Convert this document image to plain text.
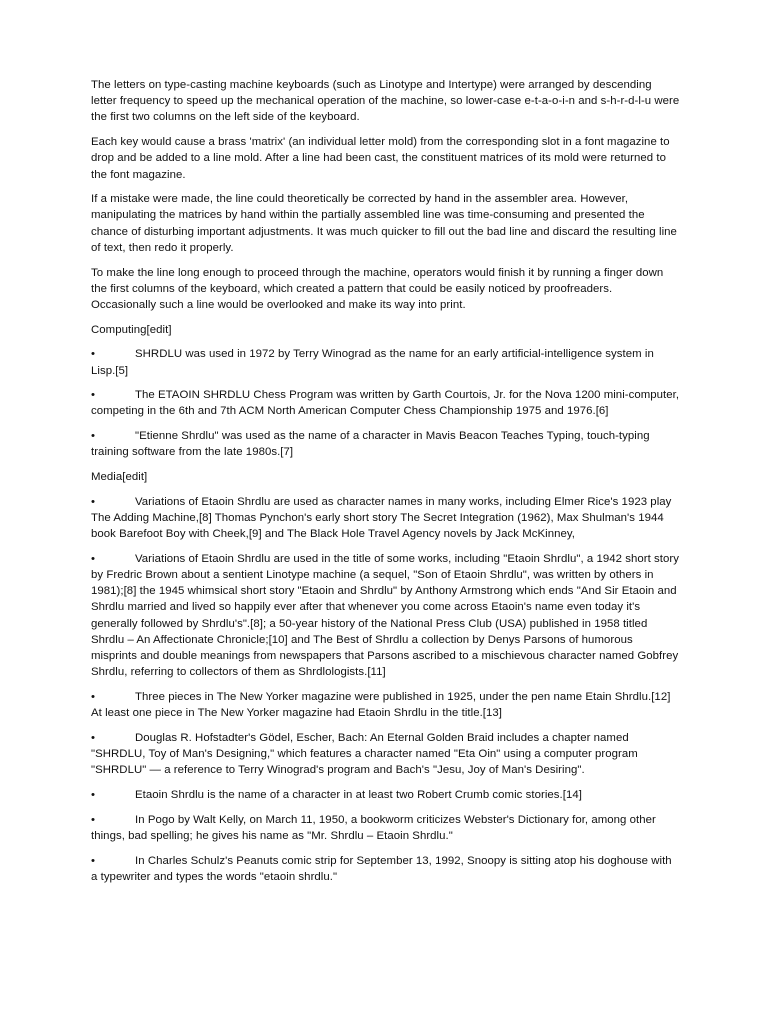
The letters on type-casting machine keyboards (such as Linotype and Intertype) were arranged by descending letter frequency to speed up the mechanical operation of the machine, so lower-case e-t-a-o-i-n and s-h-r-d-l-u were the first two columns on the left side of the keyboard.

Each key would cause a brass 'matrix' (an individual letter mold) from the corresponding slot in a font magazine to drop and be added to a line mold. After a line had been cast, the constituent matrices of its mold were returned to the font magazine.

If a mistake were made, the line could theoretically be corrected by hand in the assembler area. However, manipulating the matrices by hand within the partially assembled line was time-consuming and presented the chance of disturbing important adjustments. It was much quicker to fill out the bad line and discard the resulting line of text, then redo it properly.

To make the line long enough to proceed through the machine, operators would finish it by running a finger down the first columns of the keyboard, which created a pattern that could be easily noticed by proofreaders. Occasionally such a line would be overlooked and make its way into print.

Computing[edit]

•	SHRDLU was used in 1972 by Terry Winograd as the name for an early artificial-intelligence system in Lisp.[5]

•	The ETAOIN SHRDLU Chess Program was written by Garth Courtois, Jr. for the Nova 1200 mini-computer, competing in the 6th and 7th ACM North American Computer Chess Championship 1975 and 1976.[6]

•	"Etienne Shrdlu" was used as the name of a character in Mavis Beacon Teaches Typing, touch-typing training software from the late 1980s.[7]

Media[edit]

•	Variations of Etaoin Shrdlu are used as character names in many works, including Elmer Rice's 1923 play The Adding Machine,[8] Thomas Pynchon's early short story The Secret Integration (1962), Max Shulman's 1944 book Barefoot Boy with Cheek,[9] and The Black Hole Travel Agency novels by Jack McKinney,

•	Variations of Etaoin Shrdlu are used in the title of some works, including "Etaoin Shrdlu", a 1942 short story by Fredric Brown about a sentient Linotype machine (a sequel, "Son of Etaoin Shrdlu", was written by others in 1981);[8] the 1945 whimsical short story "Etaoin and Shrdlu" by Anthony Armstrong which ends "And Sir Etaoin and Shrdlu married and lived so happily ever after that whenever you come across Etaoin's name even today it's generally followed by Shrdlu's".[8]; a 50-year history of the National Press Club (USA) published in 1958 titled Shrdlu – An Affectionate Chronicle;[10] and The Best of Shrdlu a collection by Denys Parsons of humorous misprints and double meanings from newspapers that Parsons ascribed to a mischievous character named Gobfrey Shrdlu, referring to collectors of them as Shrdlologists.[11]

•	Three pieces in The New Yorker magazine were published in 1925, under the pen name Etain Shrdlu.[12] At least one piece in The New Yorker magazine had Etaoin Shrdlu in the title.[13]

•	Douglas R. Hofstadter's Gödel, Escher, Bach: An Eternal Golden Braid includes a chapter named "SHRDLU, Toy of Man's Designing," which features a character named "Eta Oin" using a computer program "SHRDLU" — a reference to Terry Winograd's program and Bach's "Jesu, Joy of Man's Desiring".

•	Etaoin Shrdlu is the name of a character in at least two Robert Crumb comic stories.[14]

•	In Pogo by Walt Kelly, on March 11, 1950, a bookworm criticizes Webster's Dictionary for, among other things, bad spelling; he gives his name as "Mr. Shrdlu – Etaoin Shrdlu."

•	In Charles Schulz's Peanuts comic strip for September 13, 1992, Snoopy is sitting atop his doghouse with a typewriter and types the words "etaoin shrdlu."
